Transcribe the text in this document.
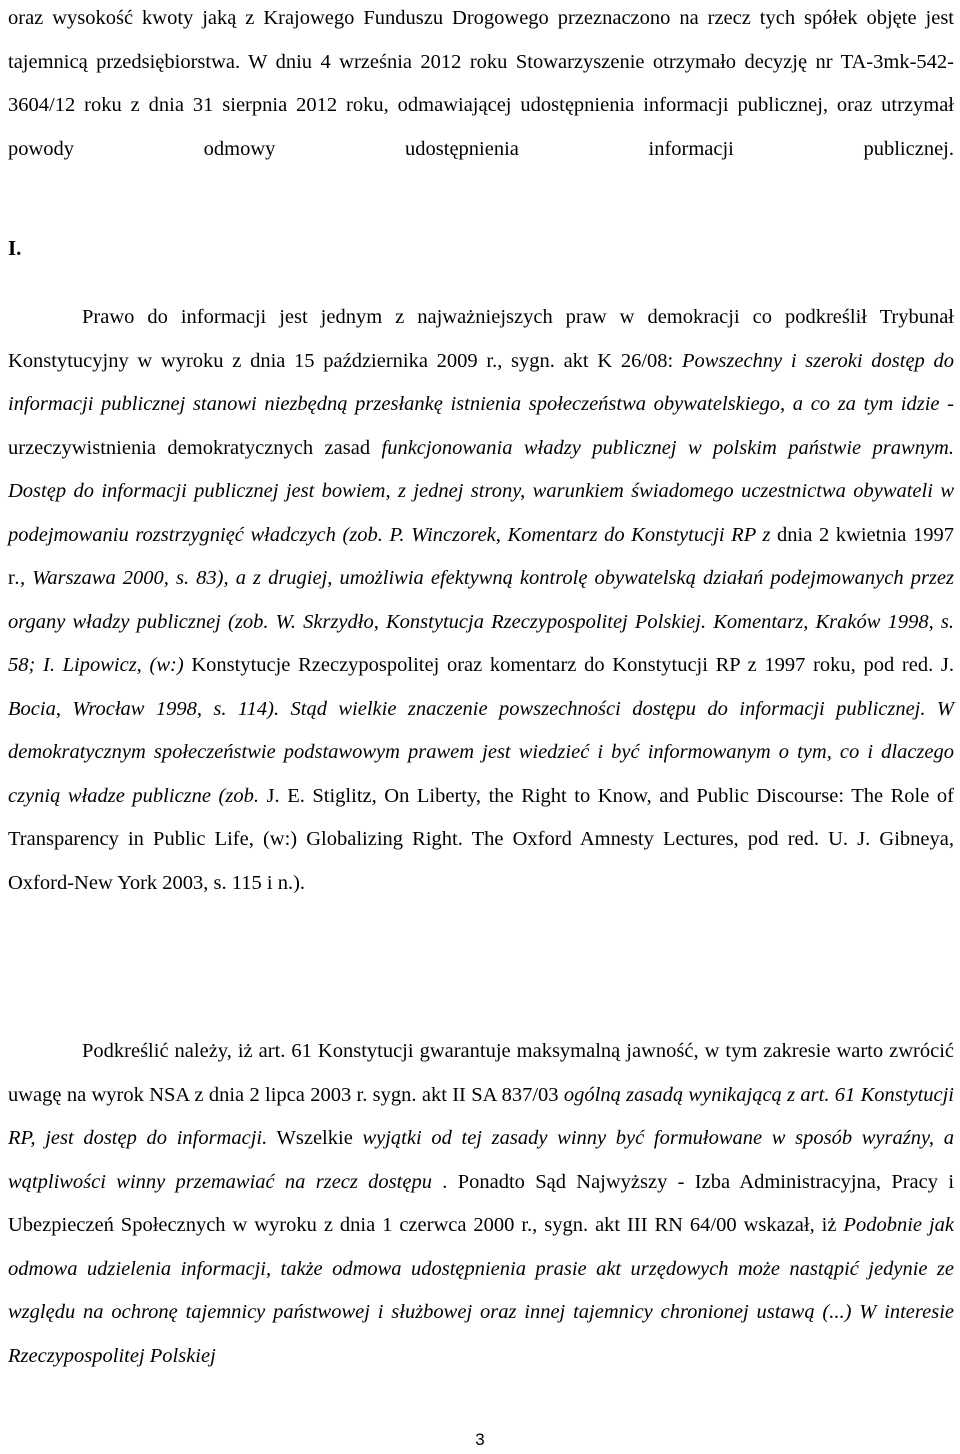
oraz wysokość kwoty jaką z Krajowego Funduszu Drogowego przeznaczono na rzecz tych spółek objęte jest tajemnicą przedsiębiorstwa. W dniu 4 września 2012 roku Stowarzyszenie otrzymało decyzję nr TA-3mk-542-3604/12 roku z dnia 31 sierpnia 2012 roku, odmawiającej udostępnienia informacji publicznej, oraz utrzymał powody odmowy udostępnienia informacji publicznej.

I.

Prawo do informacji jest jednym z najważniejszych praw w demokracji co podkreślił Trybunał Konstytucyjny w wyroku z dnia 15 października 2009 r., sygn. akt K 26/08: Powszechny i szeroki dostęp do informacji publicznej stanowi niezbędną przesłankę istnienia społeczeństwa obywatelskiego, a co za tym idzie - urzeczywistnienia demokratycznych zasad funkcjonowania władzy publicznej w polskim państwie prawnym. Dostęp do informacji publicznej jest bowiem, z jednej strony, warunkiem świadomego uczestnictwa obywateli w podejmowaniu rozstrzygnięć władczych (zob. P. Winczorek, Komentarz do Konstytucji RP z dnia 2 kwietnia 1997 r., Warszawa 2000, s. 83), a z drugiej, umożliwia efektywną kontrolę obywatelską działań podejmowanych przez organy władzy publicznej (zob. W. Skrzydło, Konstytucja Rzeczypospolitej Polskiej. Komentarz, Kraków 1998, s. 58; I. Lipowicz, (w:) Konstytucje Rzeczypospolitej oraz komentarz do Konstytucji RP z 1997 roku, pod red. J. Bocia, Wrocław 1998, s. 114). Stąd wielkie znaczenie powszechności dostępu do informacji publicznej. W demokratycznym społeczeństwie podstawowym prawem jest wiedzieć i być informowanym o tym, co i dlaczego czynią władze publiczne (zob. J. E. Stiglitz, On Liberty, the Right to Know, and Public Discourse: The Role of Transparency in Public Life, (w:) Globalizing Right. The Oxford Amnesty Lectures, pod red. U. J. Gibneya, Oxford-New York 2003, s. 115 i n.).

Podkreślić należy, iż art. 61 Konstytucji gwarantuje maksymalną jawność, w tym zakresie warto zwrócić uwagę na wyrok NSA z dnia 2 lipca 2003 r. sygn. akt II SA 837/03 ogólną zasadą wynikającą z art. 61 Konstytucji RP, jest dostęp do informacji. Wszelkie wyjątki od tej zasady winny być formułowane w sposób wyraźny, a wątpliwości winny przemawiać na rzecz dostępu . Ponadto Sąd Najwyższy - Izba Administracyjna, Pracy i Ubezpieczeń Społecznych w wyroku z dnia 1 czerwca 2000 r., sygn. akt III RN 64/00 wskazał, iż Podobnie jak odmowa udzielenia informacji, także odmowa udostępnienia prasie akt urzędowych może nastąpić jedynie ze względu na ochronę tajemnicy państwowej i służbowej oraz innej tajemnicy chronionej ustawą (...) W interesie Rzeczypospolitej Polskiej

3
